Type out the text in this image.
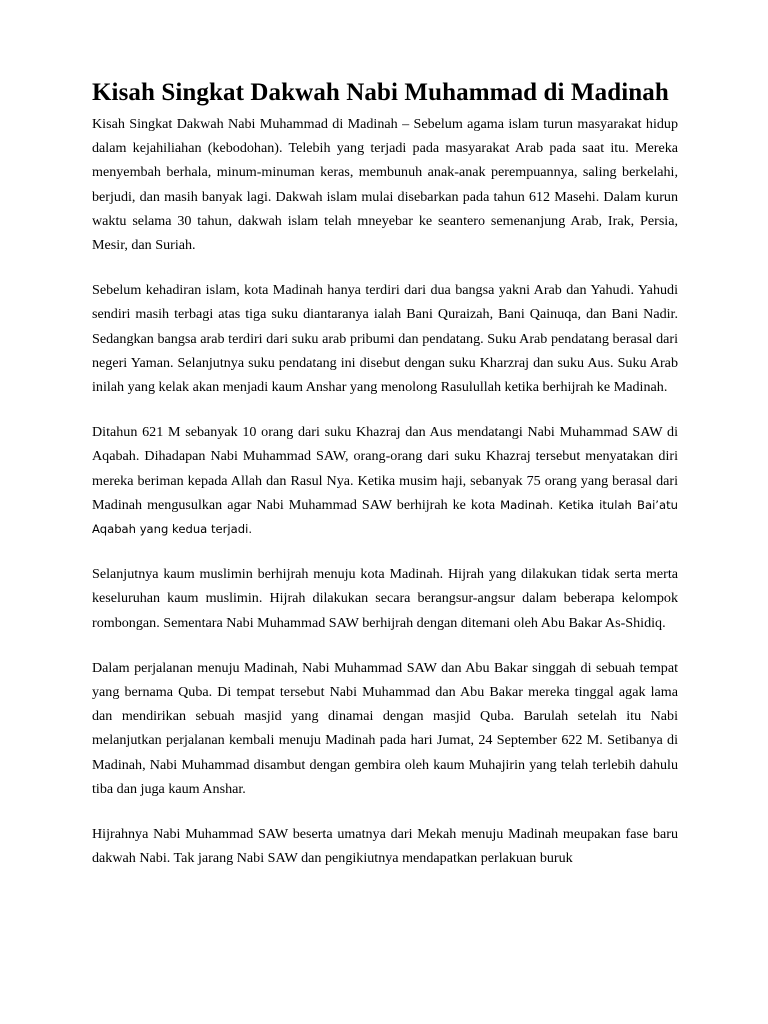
Kisah Singkat Dakwah Nabi Muhammad di Madinah

Kisah Singkat Dakwah Nabi Muhammad di Madinah – Sebelum agama islam turun masyarakat hidup dalam kejahiliahan (kebodohan). Telebih yang terjadi pada masyarakat Arab pada saat itu. Mereka menyembah berhala, minum-minuman keras, membunuh anak-anak perempuannya, saling berkelahi, berjudi, dan masih banyak lagi. Dakwah islam mulai disebarkan pada tahun 612 Masehi. Dalam kurun waktu selama 30 tahun, dakwah islam telah mneyebar ke seantero semenanjung Arab, Irak, Persia, Mesir, dan Suriah.

Sebelum kehadiran islam, kota Madinah hanya terdiri dari dua bangsa yakni Arab dan Yahudi. Yahudi sendiri masih terbagi atas tiga suku diantaranya ialah Bani Quraizah, Bani Qainuqa, dan Bani Nadir. Sedangkan bangsa arab terdiri dari suku arab pribumi dan pendatang. Suku Arab pendatang berasal dari negeri Yaman. Selanjutnya suku pendatang ini disebut dengan suku Kharzraj dan suku Aus. Suku Arab inilah yang kelak akan menjadi kaum Anshar yang menolong Rasulullah ketika berhijrah ke Madinah.

Ditahun 621 M sebanyak 10 orang dari suku Khazraj dan Aus mendatangi Nabi Muhammad SAW di Aqabah. Dihadapan Nabi Muhammad SAW, orang-orang dari suku Khazraj tersebut menyatakan diri mereka beriman kepada Allah dan Rasul Nya. Ketika musim haji, sebanyak 75 orang yang berasal dari Madinah mengusulkan agar Nabi Muhammad SAW berhijrah ke kota Madinah. Ketika itulah Bai’atu Aqabah yang kedua terjadi.

Selanjutnya kaum muslimin berhijrah menuju kota Madinah. Hijrah yang dilakukan tidak serta merta keseluruhan kaum muslimin. Hijrah dilakukan secara berangsur-angsur dalam beberapa kelompok rombongan. Sementara Nabi Muhammad SAW berhijrah dengan ditemani oleh Abu Bakar As-Shidiq.

Dalam perjalanan menuju Madinah, Nabi Muhammad SAW dan Abu Bakar singgah di sebuah tempat yang bernama Quba. Di tempat tersebut Nabi Muhammad dan Abu Bakar mereka tinggal agak lama dan mendirikan sebuah masjid yang dinamai dengan masjid Quba. Barulah setelah itu Nabi melanjutkan perjalanan kembali menuju Madinah pada hari Jumat, 24 September 622 M. Setibanya di Madinah, Nabi Muhammad disambut dengan gembira oleh kaum Muhajirin yang telah terlebih dahulu tiba dan juga kaum Anshar.

Hijrahnya Nabi Muhammad SAW beserta umatnya dari Mekah menuju Madinah meupakan fase baru dakwah Nabi. Tak jarang Nabi SAW dan pengikiutnya mendapatkan perlakuan buruk
